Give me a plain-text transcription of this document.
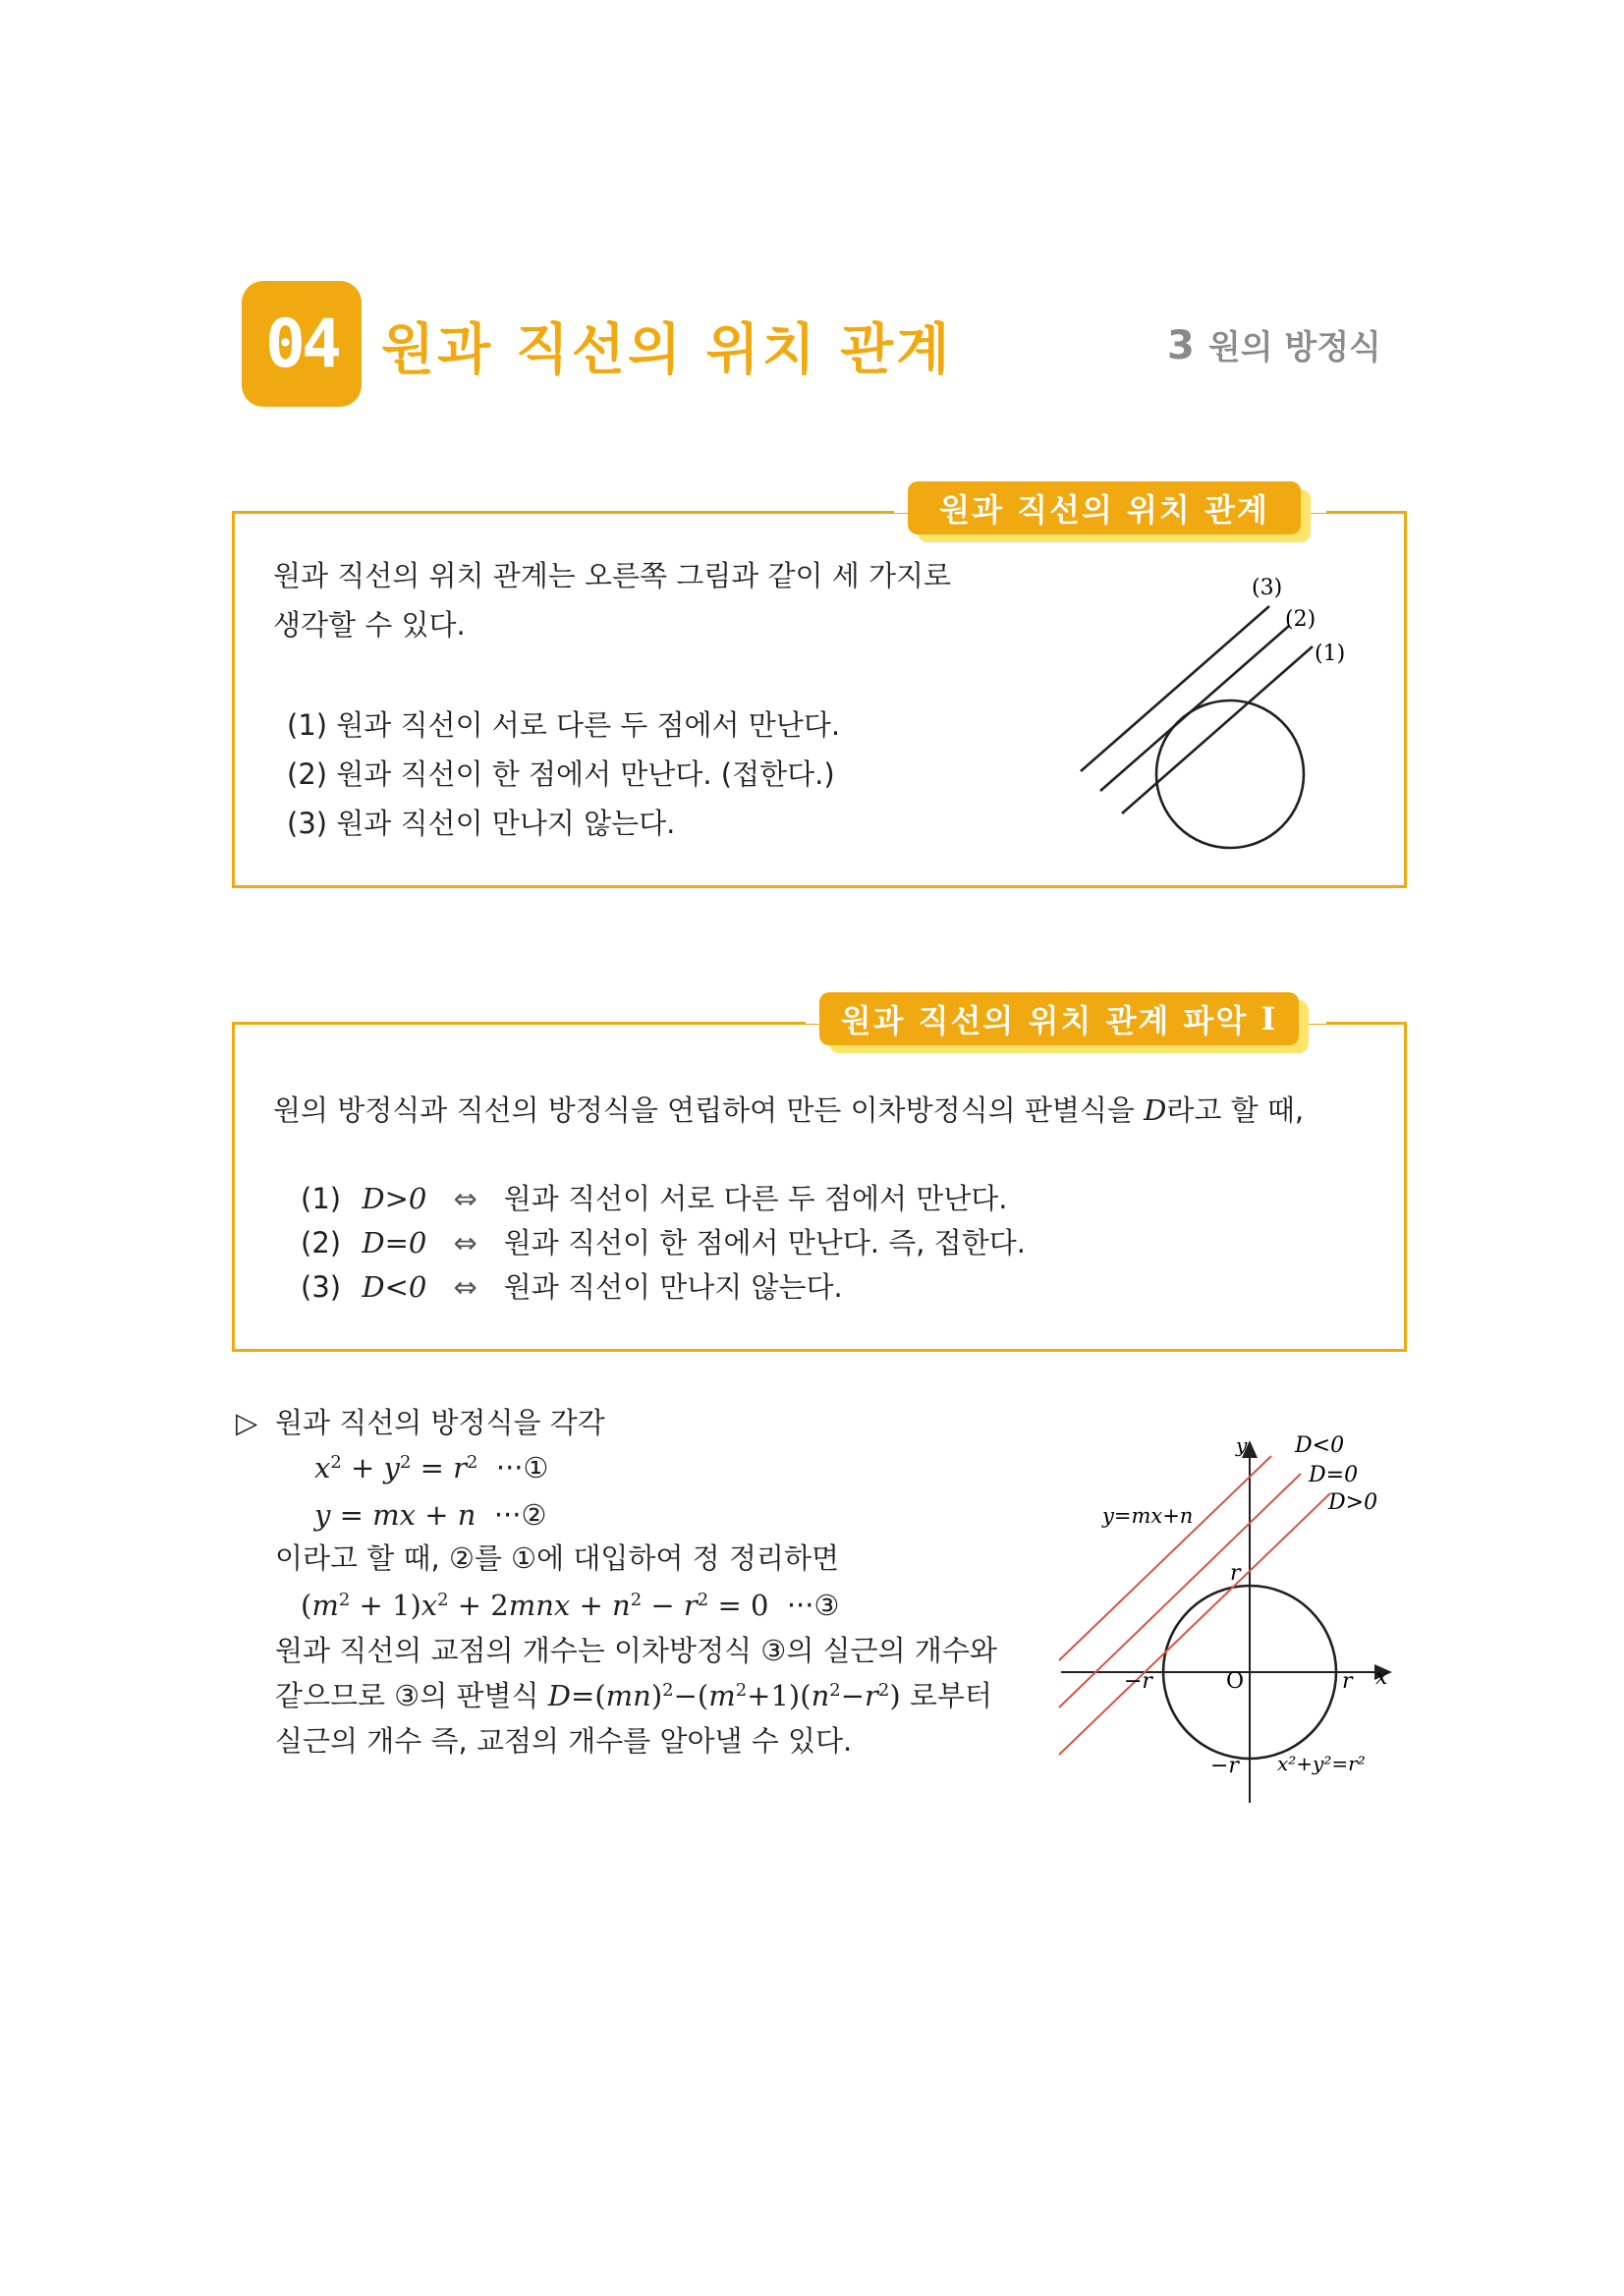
04 원과 직선의 위치 관계	3 원의 방정식
원과 직선의 위치 관계
원과 직선의 위치 관계는 오른쪽 그림과 같이 세 가지로
생각할 수 있다.
(1) 원과 직선이 서로 다른 두 점에서 만난다.
(2) 원과 직선이 한 점에서 만난다. (접한다.)
(3) 원과 직선이 만나지 않는다.
(3)
(2)
(1)
원과 직선의 위치 관계 파악
I
원의 방정식과 직선의 방정식을 연립하여 만든 이차방정식의 판별식을 D라고 할 때,
(1) D>0 ⇔ 원과 직선이 서로 다른 두 점에서 만난다.
(2) D=0 ⇔ 원과 직선이 한 점에서 만난다. 즉, 접한다.
(3) D<0 ⇔ 원과 직선이 만나지 않는다.
▷ 원과 직선의 방정식을 각각
$x^2 + y^2 = r^2$ ···①
y = mx + n ···②
이라고 할 때, ②를 ①에 대입하여 정 정리하면
$(m^2 + 1)x^2 + 2mnx + n^2 - r^2 = 0$ ···③
원과 직선의 교점의 개수는 이차방정식 ③의 실근의 개수와
같으므로 ③의 판별식 $D=(mn)^2-(m^2+1)(n^2-r^2)$ 로부터
실근의 개수 즉, 교점의 개수를 알아낼 수 있다.
D<0
D=0
D>0
y=mx+n
y
x
O
r
r
−r
−r x²+y²=r²
